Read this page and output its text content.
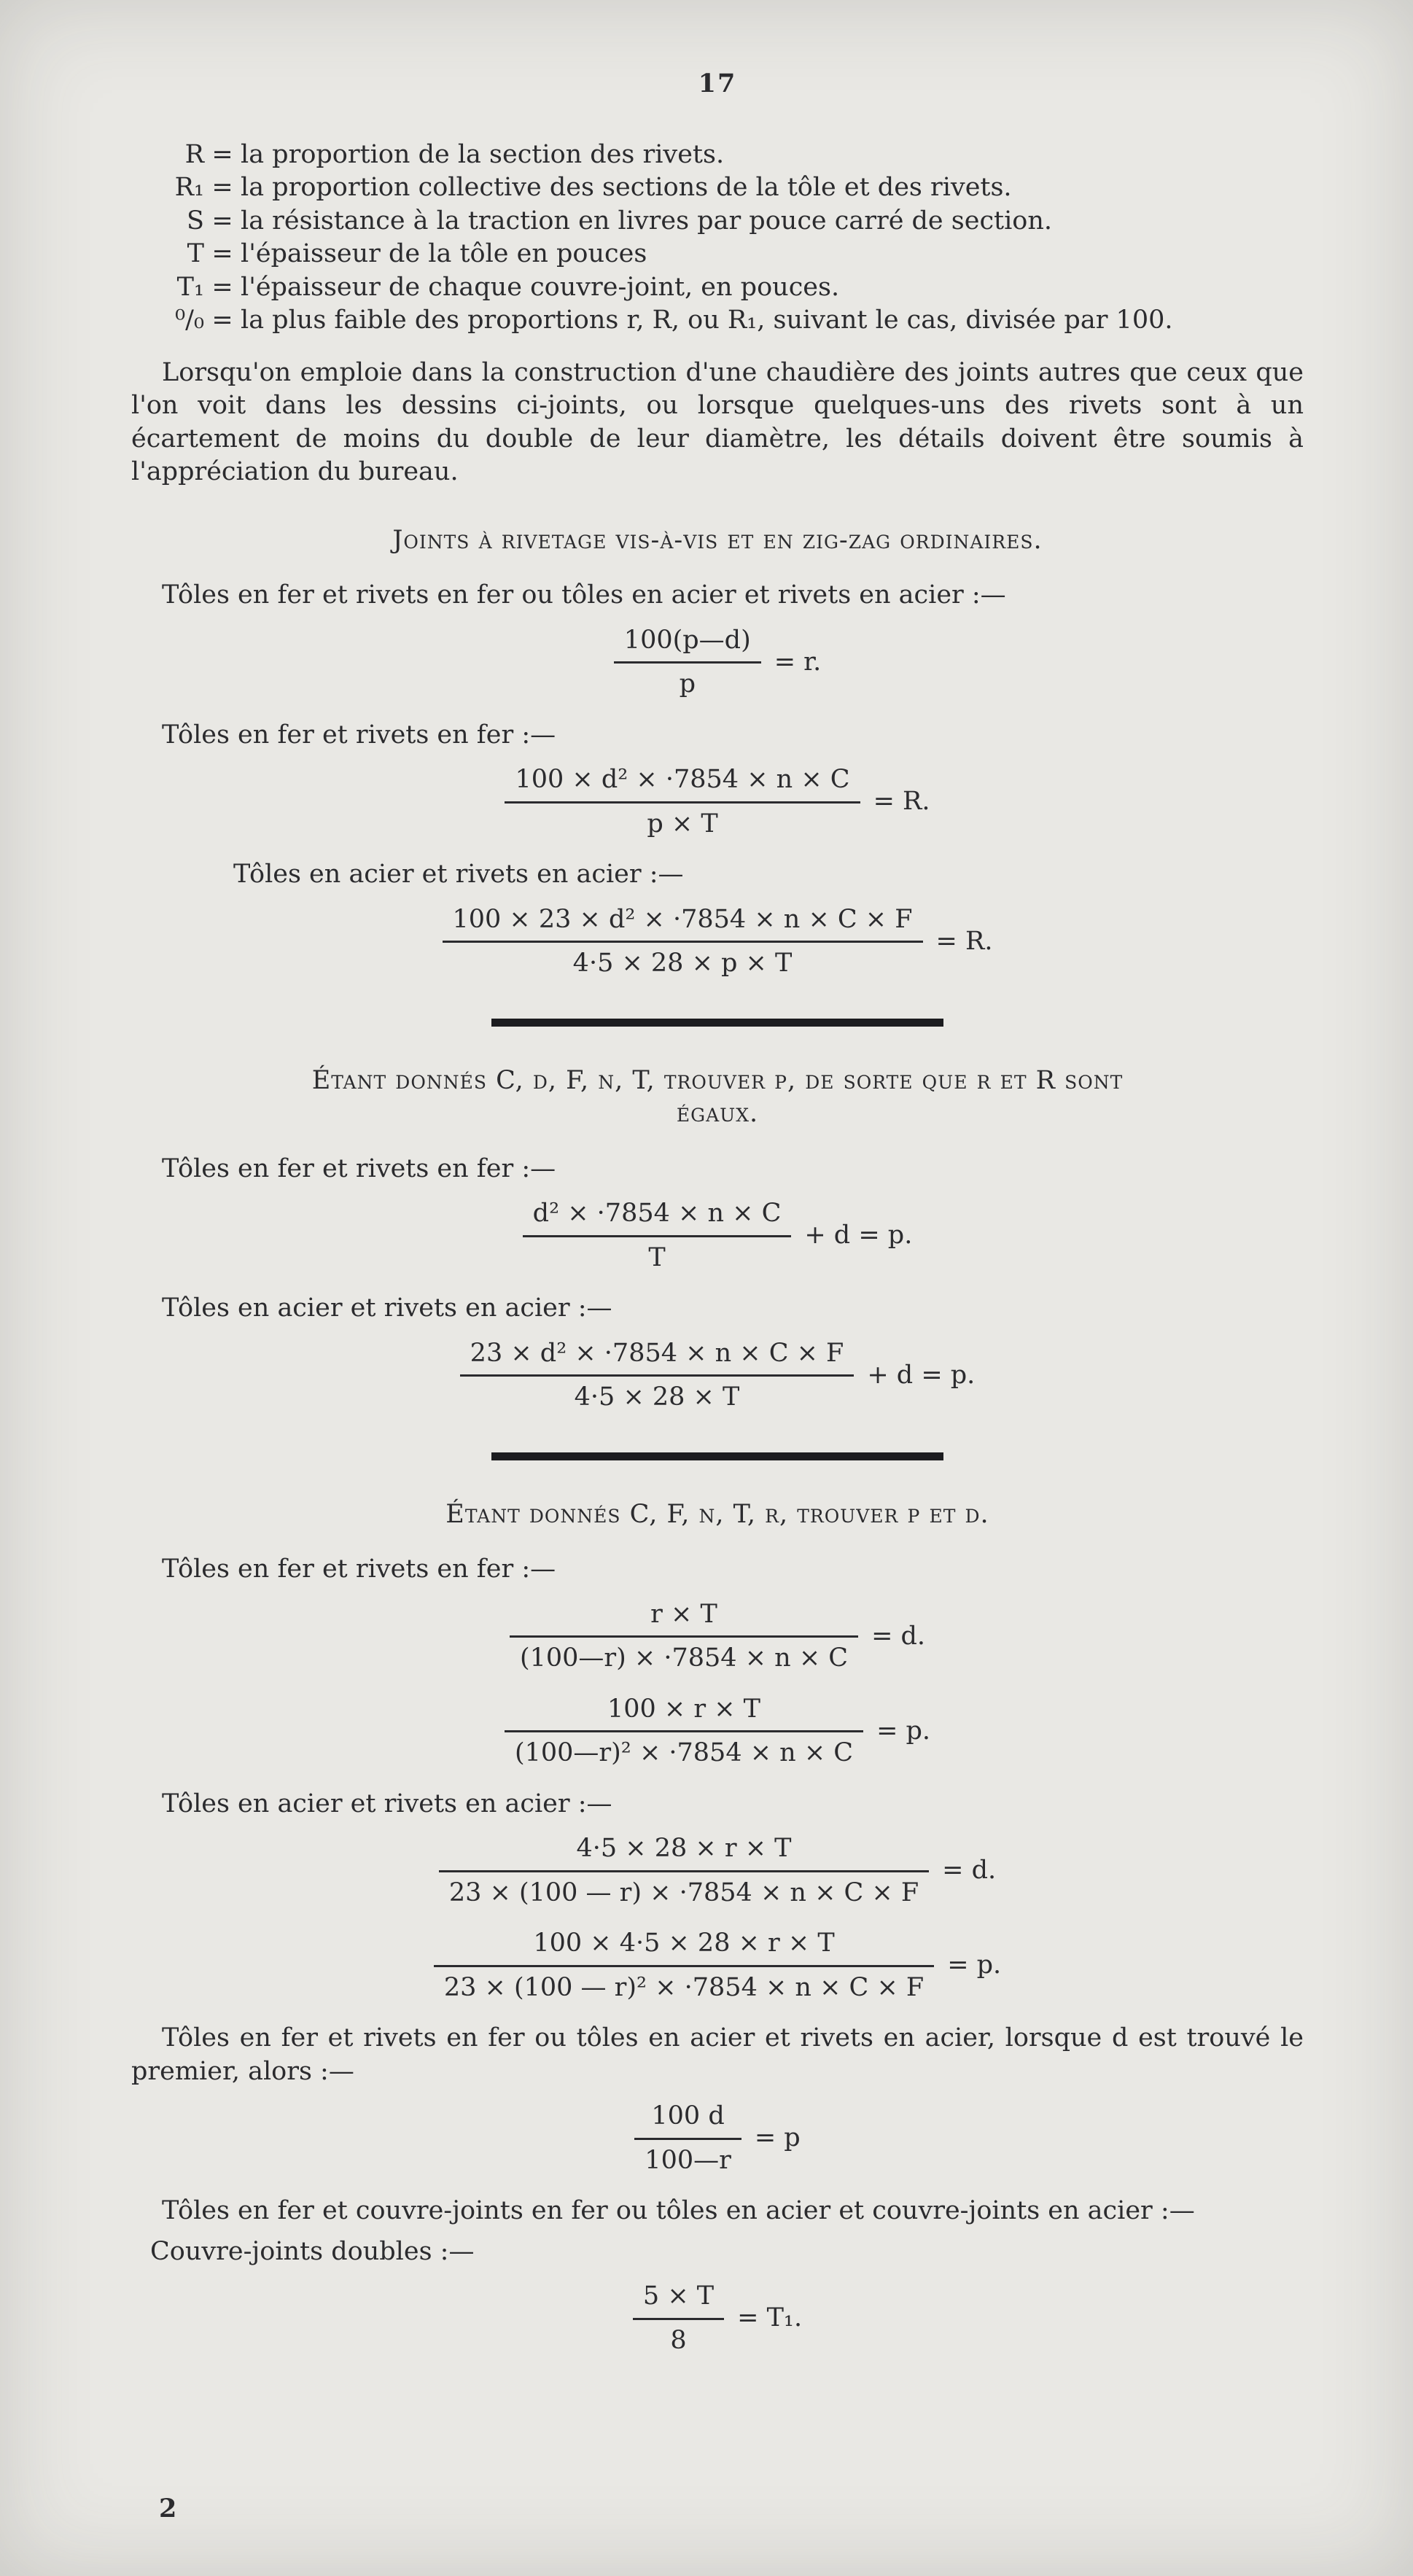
17
R = la proportion de la section des rivets.
R₁ = la proportion collective des sections de la tôle et des rivets.
S = la résistance à la traction en livres par pouce carré de section.
T = l'épaisseur de la tôle en pouces
T₁ = l'épaisseur de chaque couvre-joint, en pouces.
⁰/₀ = la plus faible des proportions r, R, ou R₁, suivant le cas, divisée par 100.

Lorsqu'on emploie dans la construction d'une chaudière des joints autres que ceux que l'on voit dans les dessins ci-joints, ou lorsque quelques-uns des rivets sont à un écartement de moins du double de leur diamètre, les détails doivent être soumis à l'appréciation du bureau.

Joints à rivetage vis-à-vis et en zig-zag ordinaires.

Tôles en fer et rivets en fer ou tôles en acier et rivets en acier :—

$\frac{100(p—d)}{p} = r$.

Tôles en fer et rivets en fer :—

$\frac{\text{100 × d² × ·7854 × n × C}}{p \times T} = R$.

Tôles en acier et rivets en acier :—

$\frac{\text{100 × 23 × d² × ·7854 × n × C × F}}{4\cdot 5 \times 28 \times p \times T} = R$.
Étant donnés C, d, F, n, T, trouver p, de sorte que r et R sont
égaux.

Tôles en fer et rivets en fer :—

$\frac{\text{d² × ·7854 × n × C}}{T} + d = p$.

Tôles en acier et rivets en acier :—

$\frac{\text{23 × d² × ·7854 × n × C × F}}{4\cdot 5 \times 28 \times T} + d = p$.
Étant donnés C, F, n, T, r, trouver p et d.

Tôles en fer et rivets en fer :—

$\frac{r \times T}{(100—r) \times \cdot 7854 \times n \times C} = d$.
$\frac{100 \times r \times T}{\text{(100—r)² × ·7854 × n × C}} = p$.

Tôles en acier et rivets en acier :—

$\frac{4\cdot 5 \times 28 \times r \times T}{23 \times (100 — r) \times \cdot 7854 \times n \times C \times F} = d$.
$\frac{100 \times 4\cdot 5 \times 28 \times r \times T}{\text{23 × (100 — r)² × ·7854 × n × C × F}} = p$.

Tôles en fer et rivets en fer ou tôles en acier et rivets en acier, lorsque d est trouvé le premier, alors :—

$\frac{100 d}{100—r} = p$

Tôles en fer et couvre-joints en fer ou tôles en acier et couvre-joints en acier :—

Couvre-joints doubles :—

$\frac{5 \times T}{8} = T_1$.
2
